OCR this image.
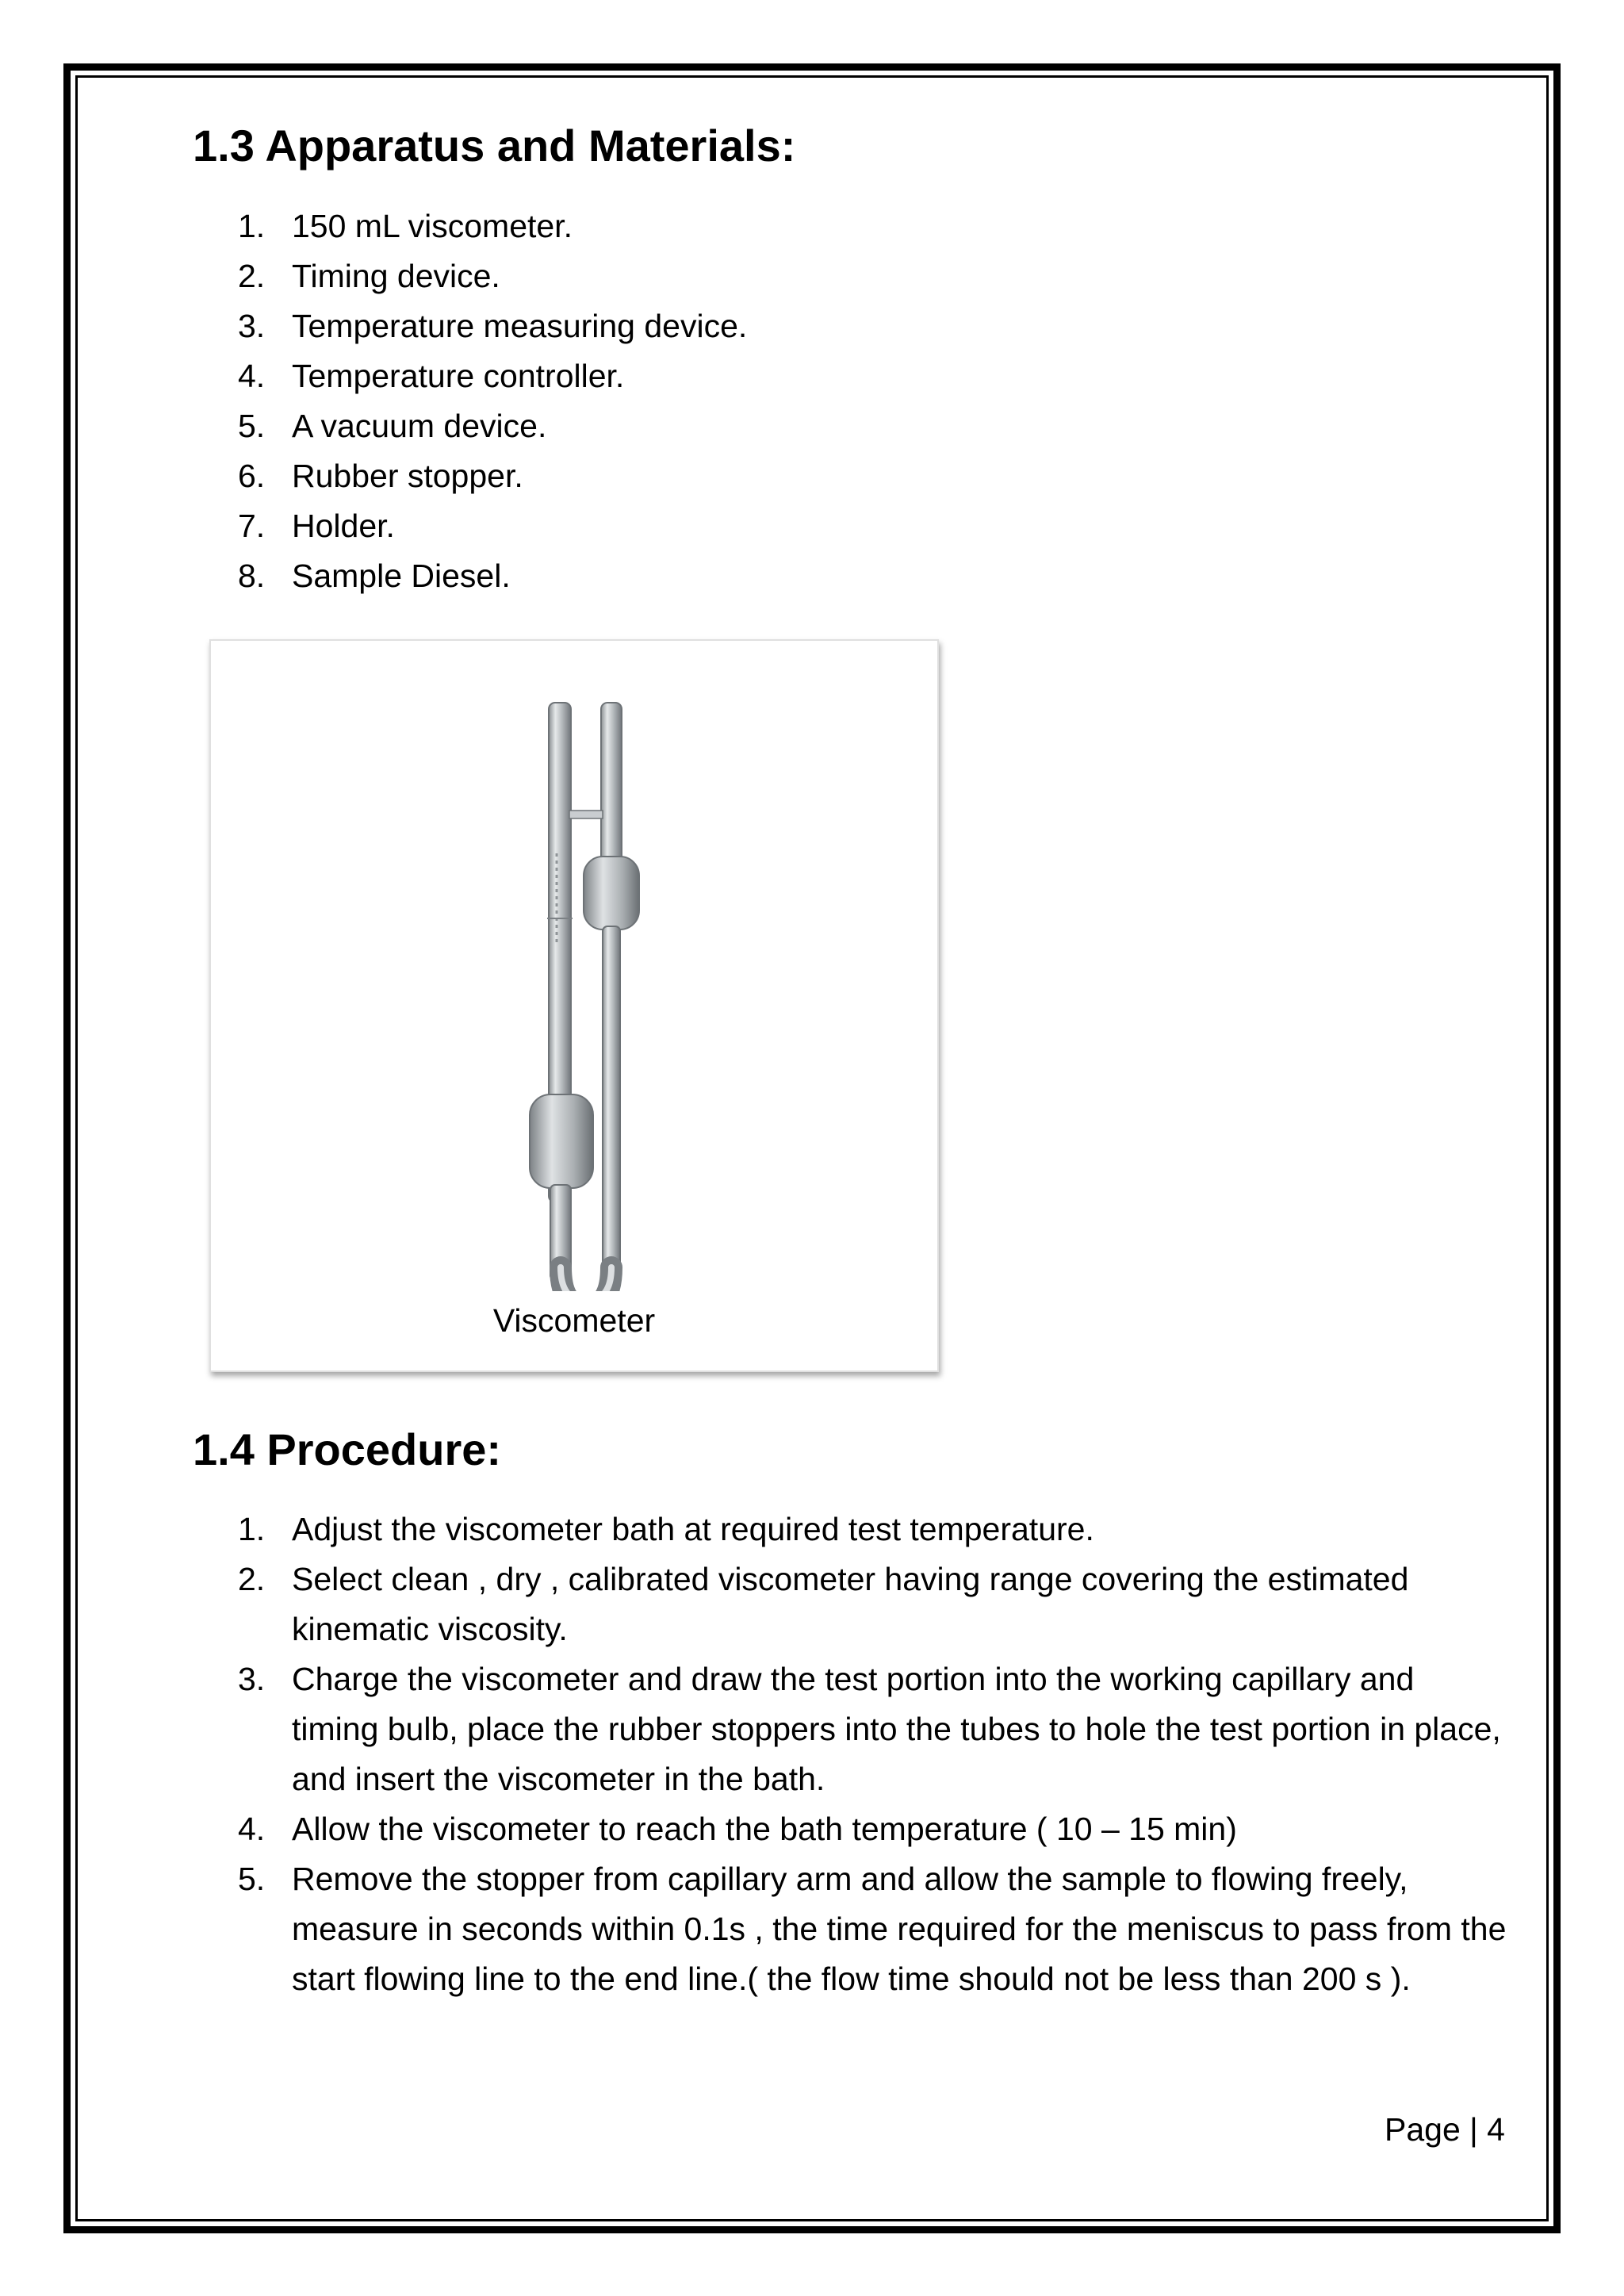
1.3 Apparatus and Materials:
1. 150 mL viscometer.
2. Timing device.
3. Temperature measuring device.
4. Temperature controller.
5. A vacuum device.
6. Rubber stopper.
7. Holder.
8. Sample Diesel.
Viscometer
1.4 Procedure:
1. Adjust the viscometer bath at required test temperature.
2. Select clean , dry , calibrated viscometer having range covering the estimated kinematic viscosity.
3. Charge the viscometer and draw the test portion into the working capillary and timing bulb, place the rubber stoppers into the tubes to hole the test portion in place, and insert the viscometer in the bath.
4. Allow the viscometer to reach the bath temperature ( 10 – 15 min)
5. Remove the stopper from capillary arm and allow the sample to flowing freely, measure in seconds within 0.1s , the time required for the meniscus to pass from the start flowing line to the end line.( the flow time should not be less than 200 s ).
Page | 4
